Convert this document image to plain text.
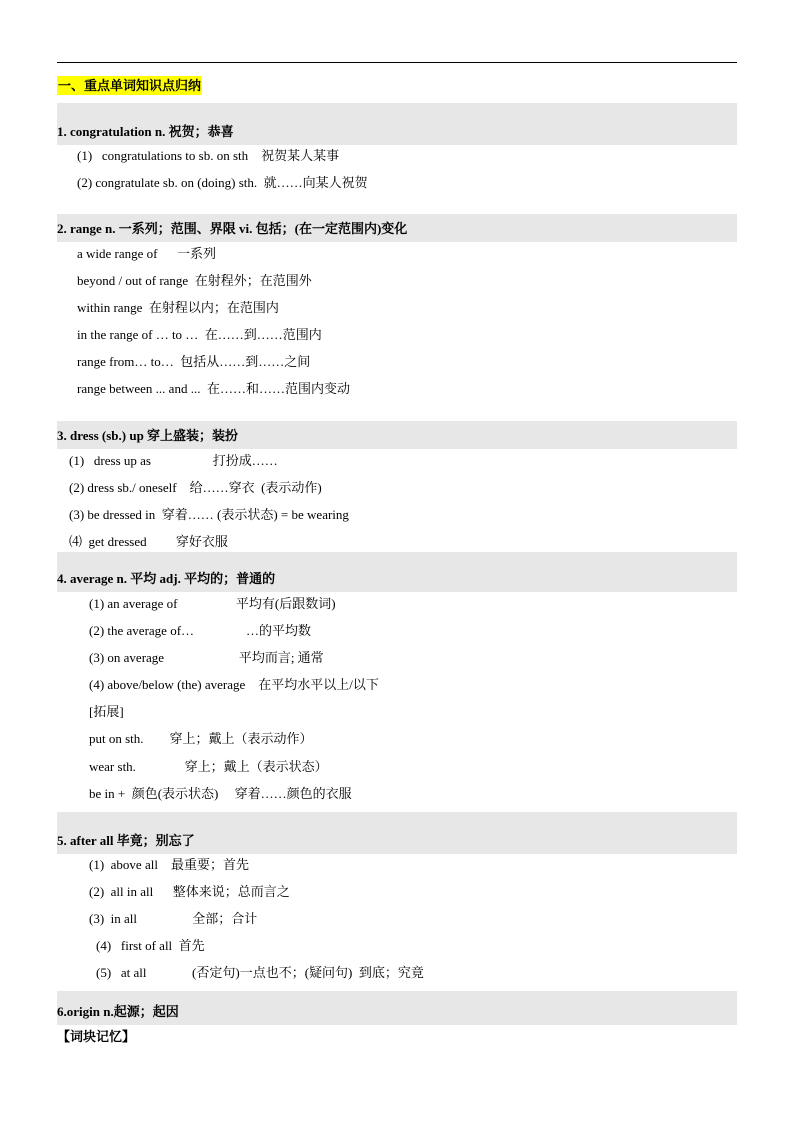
一、重点单词知识点归纳
1. congratulation n. 祝贺；恭喜
(1)   congratulations to sb. on sth    祝贺某人某事
(2) congratulate sb. on (doing) sth.  就……向某人祝贺
2. range n. 一系列；范围、界限 vi. 包括；(在一定范围内)变化
a wide range of      一系列
beyond / out of range  在射程外；在范围外
within range  在射程以内；在范围内
in the range of … to …  在……到……范围内
range from… to…  包括从……到……之间
range between ... and ...  在……和……范围内变动
3. dress (sb.) up 穿上盛装；装扮
(1)   dress up as                   打扮成……
(2) dress sb./ oneself    给……穿衣  (表示动作)
(3) be dressed in  穿着…… (表示状态) = be wearing
⑷  get dressed         穿好衣服
4. average n. 平均 adj. 平均的；普通的
(1) an average of                  平均有(后跟数词)
(2) the average of…                …的平均数
(3) on average                       平均而言; 通常
(4) above/below (the) average    在平均水平以上/以下
[拓展]
put on sth.        穿上；戴上（表示动作）
wear sth.               穿上；戴上（表示状态）
be in +  颜色(表示状态)     穿着……颜色的衣服
5. after all 毕竟；别忘了
(1)  above all    最重要；首先
(2)  all in all      整体来说；总而言之
(3)  in all                 全部；合计
(4)   first of all  首先
(5)   at all              (否定句)一点也不；(疑问句)  到底；究竟
6.origin n.起源；起因
【词块记忆】
